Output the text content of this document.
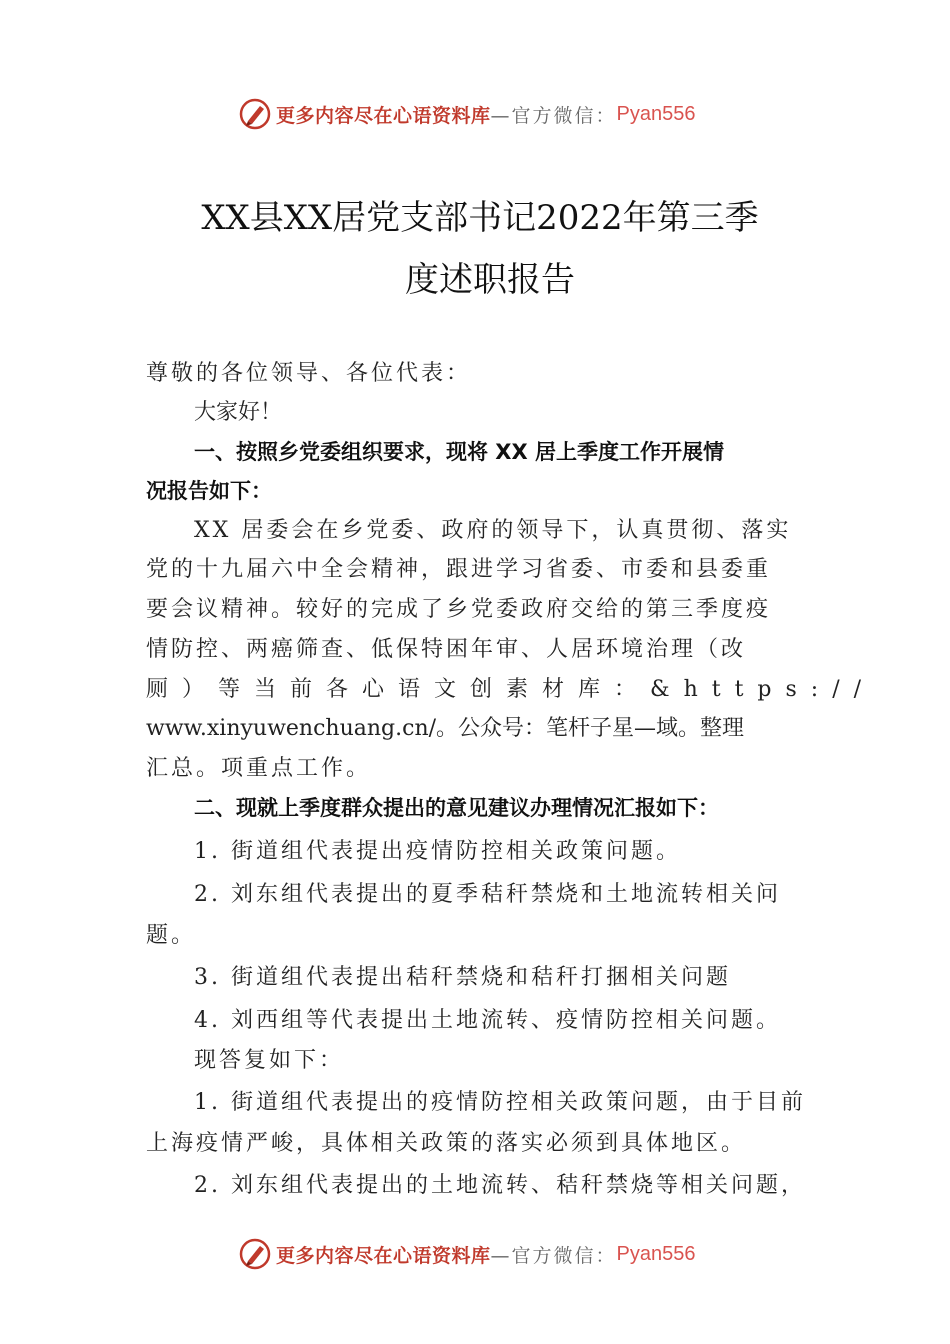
更多内容尽在心语资料库 —官方微信： Pyan556
XX县XX居党支部书记2022年第三季
度述职报告
尊敬的各位领导、各位代表：
大家好！
一、按照乡党委组织要求，现将 XX 居上季度工作开展情
况报告如下：
XX 居委会在乡党委、政府的领导下，认真贯彻、落实
党的十九届六中全会精神，跟进学习省委、市委和县委重
要会议精神。较好的完成了乡党委政府交给的第三季度疫
情防控、两癌筛查、低保特困年审、人居环境治理（改
厕）等当前各心语文创素材库：&https://
www.xinyuwenchuang.cn/。公众号：笔杆子星—域。整理
汇总。项重点工作。
二、现就上季度群众提出的意见建议办理情况汇报如下：
1. 街道组代表提出疫情防控相关政策问题。
2. 刘东组代表提出的夏季秸秆禁烧和土地流转相关问
题。
3. 街道组代表提出秸秆禁烧和秸秆打捆相关问题
4. 刘西组等代表提出土地流转、疫情防控相关问题。
现答复如下：
1. 街道组代表提出的疫情防控相关政策问题，由于目前
上海疫情严峻，具体相关政策的落实必须到具体地区。
2. 刘东组代表提出的土地流转、秸秆禁烧等相关问题，
更多内容尽在心语资料库 —官方微信： Pyan556
